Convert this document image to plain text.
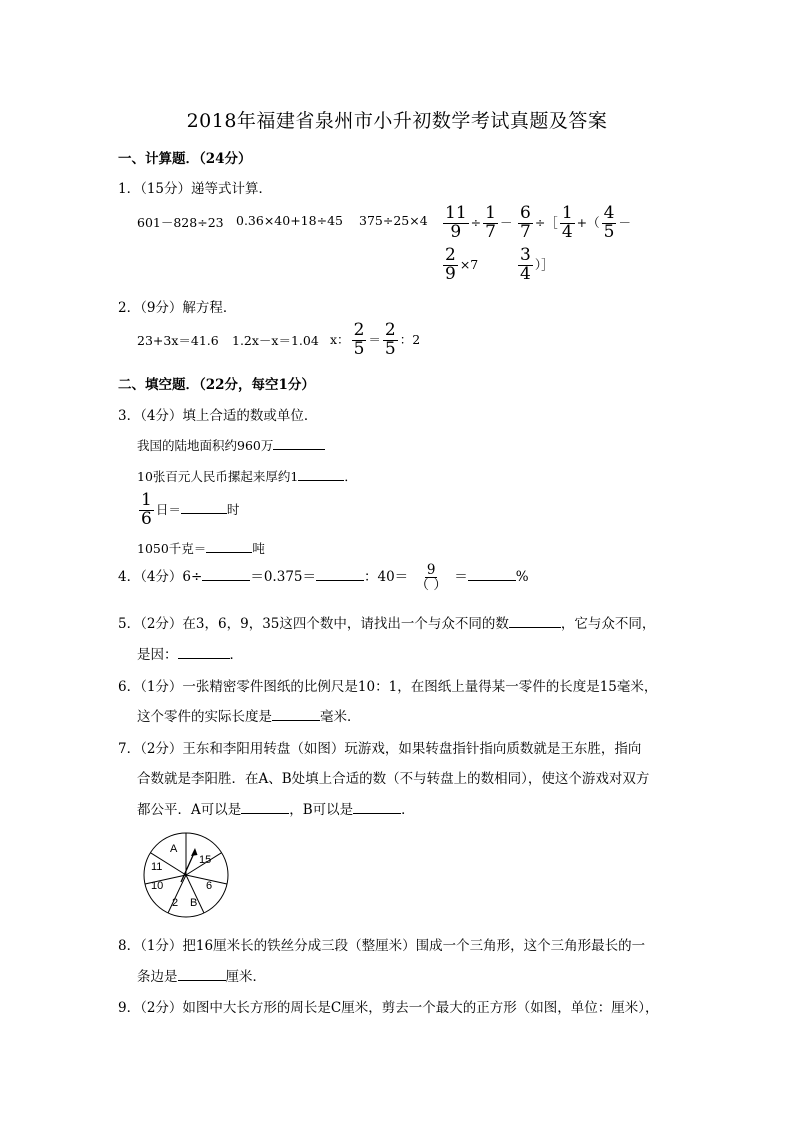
2018年福建省泉州市小升初数学考试真题及答案
一、计算题．（24分）
1．（15分）递等式计算．
601－828÷23 0.36×40+18÷45 $375\div 25\times 4 \frac{11}{9} \div \frac{1}{7}$ －
$\frac{2}{9} \times 7$
$\frac{6}{7}$ ÷［ $\frac{1}{4}$ +（ $\frac{4}{5}$ －
$\frac{3}{4}$ ）］
2．（9分）解方程．
23+3x＝41.6 1.2x－x＝1.04 x： $\frac{2}{5} = \frac{2}{5}$ ：2
二、填空题．（22分，每空1分）
3．（4分）填上合适的数或单位．
我国的陆地面积约960万
10张百元人民币摞起来厚约1	．
$\frac{1}{6}$ 日＝	时
1050千克＝	吨
4．（4分）6÷	＝0.375＝	：$40= \frac{9}{( )}$ ＝	%
5．（2分）在3，6，9，35这四个数中，请找出一个与众不同的数	，它与众不同，
是因：	．
6．（1分）一张精密零件图纸的比例尺是10：1，在图纸上量得某一零件的长度是15毫米，
这个零件的实际长度是	毫米．
7．（2分）王东和李阳用转盘（如图）玩游戏，如果转盘指针指向质数就是王东胜，指向
合数就是李阳胜．在A、B处填上合适的数（不与转盘上的数相同），使这个游戏对双方
都公平．A可以是	，B可以是	．
A
15
6
B
2
10
11
8．（1分）把16厘米长的铁丝分成三段（整厘米）围成一个三角形，这个三角形最长的一
条边是	厘米．
9．（2分）如图中大长方形的周长是C厘米，剪去一个最大的正方形（如图，单位：厘米），
